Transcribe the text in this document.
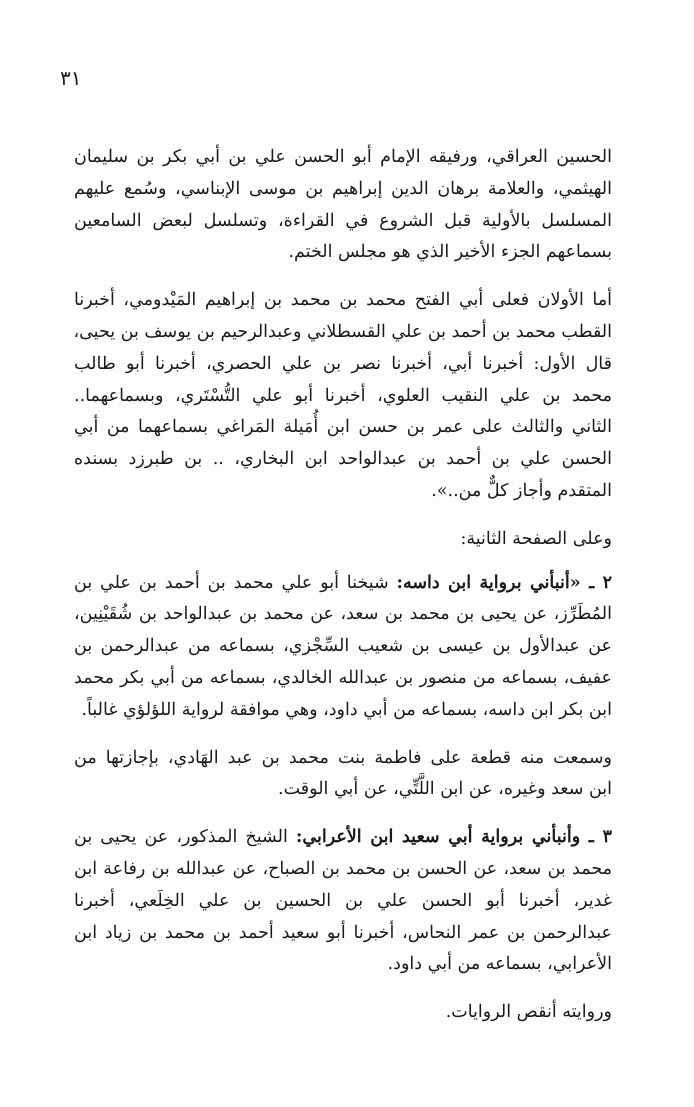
٣١

الحسين العراقي، ورفيقه الإمام أبو الحسن علي بن أبي بكر بن سليمان
الهيثمي، والعلامة برهان الدين إبراهيم بن موسى الإبناسي، وسُمع عليهم
المسلسل بالأولية قبل الشروع في القراءة، وتسلسل لبعض السامعين
بسماعهم الجزء الأخير الذي هو مجلس الختم.

أما الأولان فعلى أبي الفتح محمد بن محمد بن إبراهيم المَيْدومي، أخبرنا
القطب محمد بن أحمد بن علي القسطلاني وعبدالرحيم بن يوسف بن يحيى،
قال الأول: أخبرنا أبي، أخبرنا نصر بن علي الحصري، أخبرنا أبو طالب
محمد بن علي النقيب العلوي، أخبرنا أبو علي التُّسْتَري، وبسماعهما..
الثاني والثالث على عمر بن حسن ابن أُمَيلة المَراغي بسماعهما من أبي
الحسن علي بن أحمد بن عبدالواحد ابن البخاري، .. بن طبرزد بسنده
المتقدم وأجاز كلٌّ من..».

وعلى الصفحة الثانية:

٢ ـ «أنبأني برواية ابن داسه: شيخنا أبو علي محمد بن أحمد بن علي بن
المُطَرِّز، عن يحيى بن محمد بن سعد، عن محمد بن عبدالواحد بن شُقَيْنِين،
عن عبدالأول بن عيسى بن شعيب السِّجْزي، بسماعه من عبدالرحمن بن
عفيف، بسماعه من منصور بن عبدالله الخالدي، بسماعه من أبي بكر محمد
ابن بكر ابن داسه، بسماعه من أبي داود، وهي موافقة لرواية اللؤلؤي غالباً.

وسمعت منه قطعة على فاطمة بنت محمد بن عبد الهَادي، بإجازتها من
ابن سعد وغيره، عن ابن اللَّتِّي، عن أبي الوقت.

٣ ـ وأنبأني برواية أبي سعيد ابن الأعرابي: الشيخ المذكور، عن يحيى بن
محمد بن سعد، عن الحسن بن محمد بن الصباح، عن عبدالله بن رفاعة ابن
غدير، أخبرنا أبو الحسن علي بن الحسين بن علي الخِلَعي، أخبرنا
عبدالرحمن بن عمر النحاس، أخبرنا أبو سعيد أحمد بن محمد بن زياد ابن
الأعرابي، بسماعه من أبي داود.

وروايته أنقص الروايات.
